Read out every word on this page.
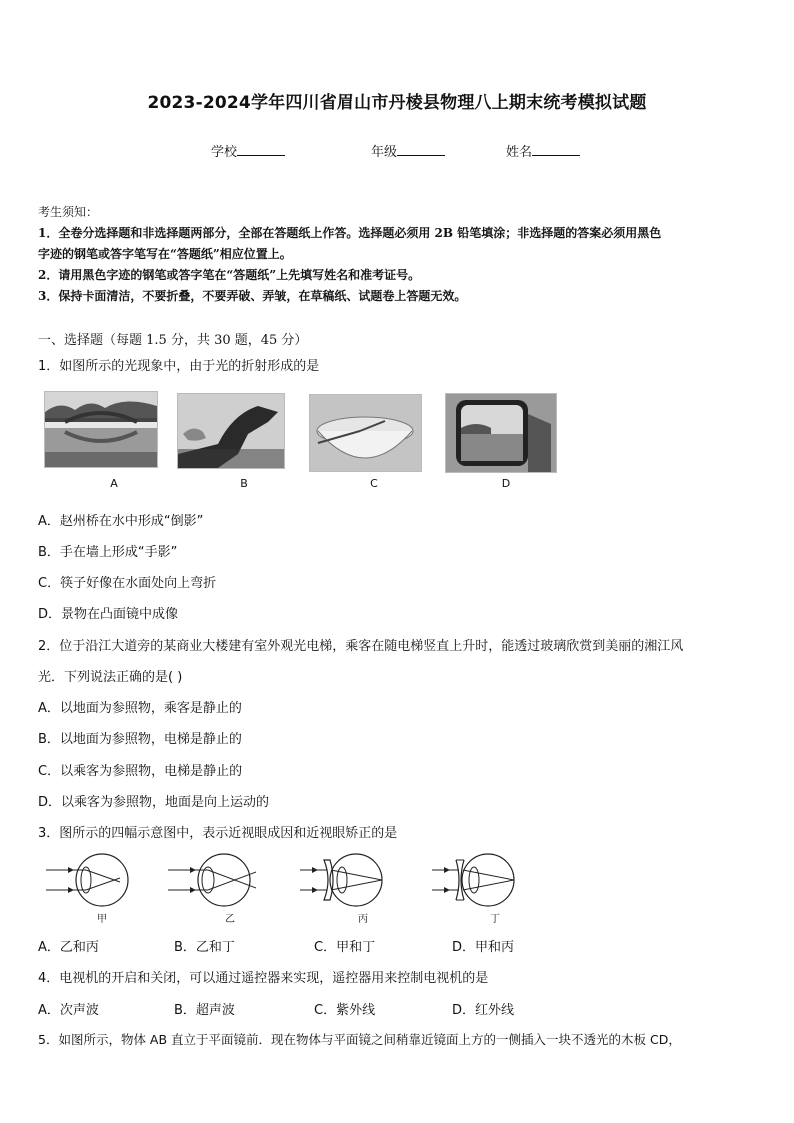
2023-2024学年四川省眉山市丹棱县物理八上期末统考模拟试题
学校	年级	姓名
考生须知：
1．全卷分选择题和非选择题两部分，全部在答题纸上作答。选择题必须用 2B 铅笔填涂；非选择题的答案必须用黑色
字迹的钢笔或答字笔写在“答题纸”相应位置上。
2．请用黑色字迹的钢笔或答字笔在“答题纸”上先填写姓名和准考证号。
3．保持卡面清洁，不要折叠，不要弄破、弄皱，在草稿纸、试题卷上答题无效。
一、选择题（每题 1.5 分，共 30 题，45 分）
1．如图所示的光现象中，由于光的折射形成的是
A	B	C	D
A．赵州桥在水中形成“倒影”
B．手在墙上形成“手影”
C．筷子好像在水面处向上弯折
D．景物在凸面镜中成像
2．位于沿江大道旁的某商业大楼建有室外观光电梯，乘客在随电梯竖直上升时，能透过玻璃欣赏到美丽的湘江风
光．下列说法正确的是( )
A．以地面为参照物，乘客是静止的
B．以地面为参照物，电梯是静止的
C．以乘客为参照物，电梯是静止的
D．以乘客为参照物，地面是向上运动的
3．图所示的四幅示意图中，表示近视眼成因和近视眼矫正的是
甲	乙	丙	丁
A．乙和丙	B．乙和丁	C．甲和丁	D．甲和丙
4．电视机的开启和关闭，可以通过遥控器来实现，遥控器用来控制电视机的是
A．次声波	B．超声波	C．紫外线	D．红外线
5．如图所示，物体 AB 直立于平面镜前．现在物体与平面镜之间稍靠近镜面上方的一侧插入一块不透光的木板 CD，
